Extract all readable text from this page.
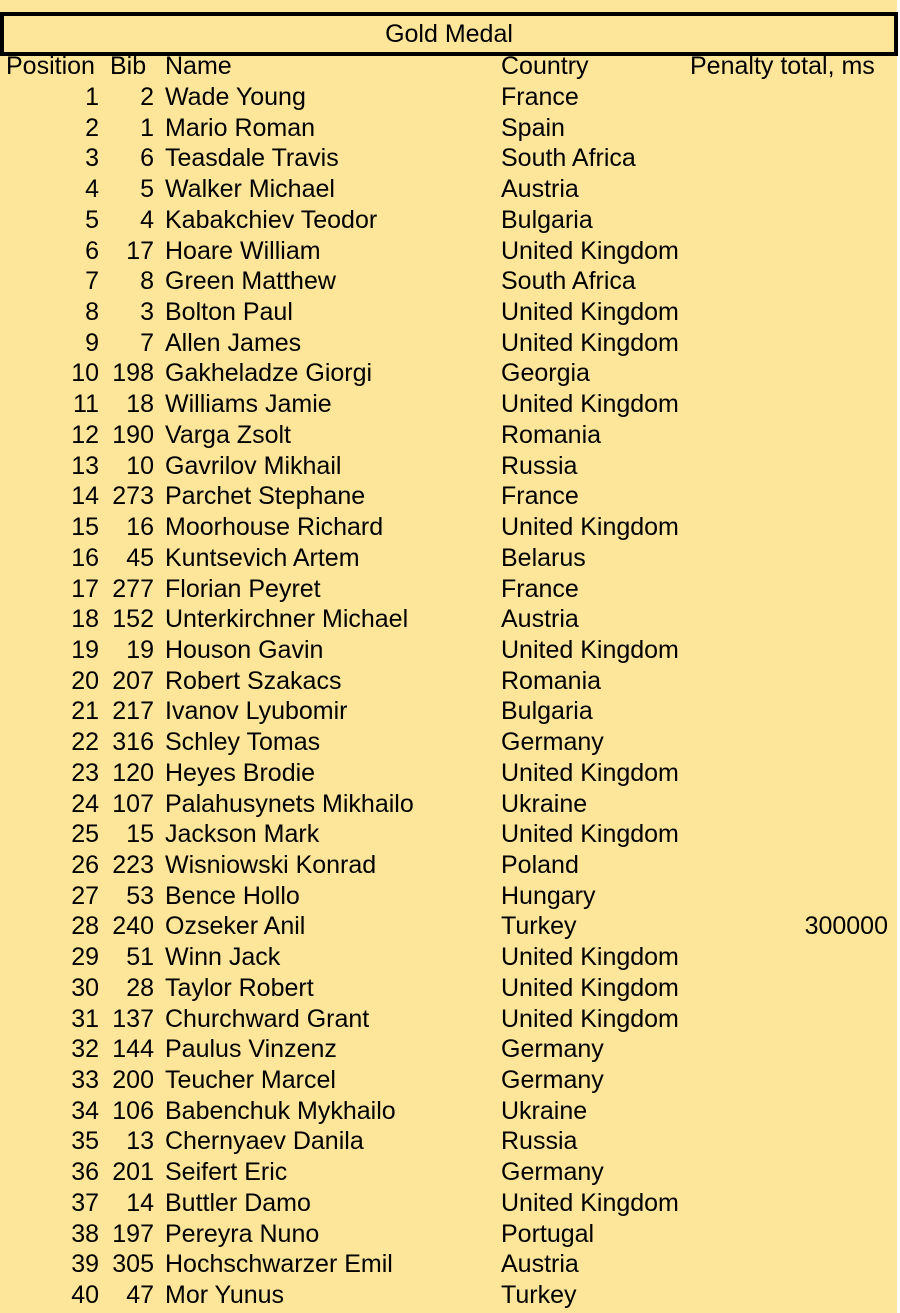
Gold Medal
Position Bib Name	Country	Penalty total, ms
1	2 Wade Young	France
2	1 Mario Roman	Spain
3	6 Teasdale Travis	South Africa
4	5 Walker Michael	Austria
5	4 Kabakchiev Teodor	Bulgaria
6	17 Hoare William	United Kingdom
7	8 Green Matthew	South Africa
8	3 Bolton Paul	United Kingdom
9	7 Allen James	United Kingdom
10 198 Gakheladze Giorgi	Georgia
11	18 Williams Jamie	United Kingdom
12 190 Varga Zsolt	Romania
13	10 Gavrilov Mikhail	Russia
14 273 Parchet Stephane	France
15	16 Moorhouse Richard	United Kingdom
16	45 Kuntsevich Artem	Belarus
17 277 Florian Peyret	France
18 152 Unterkirchner Michael	Austria
19	19 Houson Gavin	United Kingdom
20 207 Robert Szakacs	Romania
21 217 Ivanov Lyubomir	Bulgaria
22 316 Schley Tomas	Germany
23 120 Heyes Brodie	United Kingdom
24 107 Palahusynets Mikhailo	Ukraine
25	15 Jackson Mark	United Kingdom
26 223 Wisniowski Konrad	Poland
27	53 Bence Hollo	Hungary
28 240 Ozseker Anil	Turkey	300000
29	51 Winn Jack	United Kingdom
30	28 Taylor Robert	United Kingdom
31 137 Churchward Grant	United Kingdom
32 144 Paulus Vinzenz	Germany
33 200 Teucher Marcel	Germany
34 106 Babenchuk Mykhailo	Ukraine
35	13 Chernyaev Danila	Russia
36 201 Seifert Eric	Germany
37	14 Buttler Damo	United Kingdom
38 197 Pereyra Nuno	Portugal
39 305 Hochschwarzer Emil	Austria
40	47 Mor Yunus	Turkey
